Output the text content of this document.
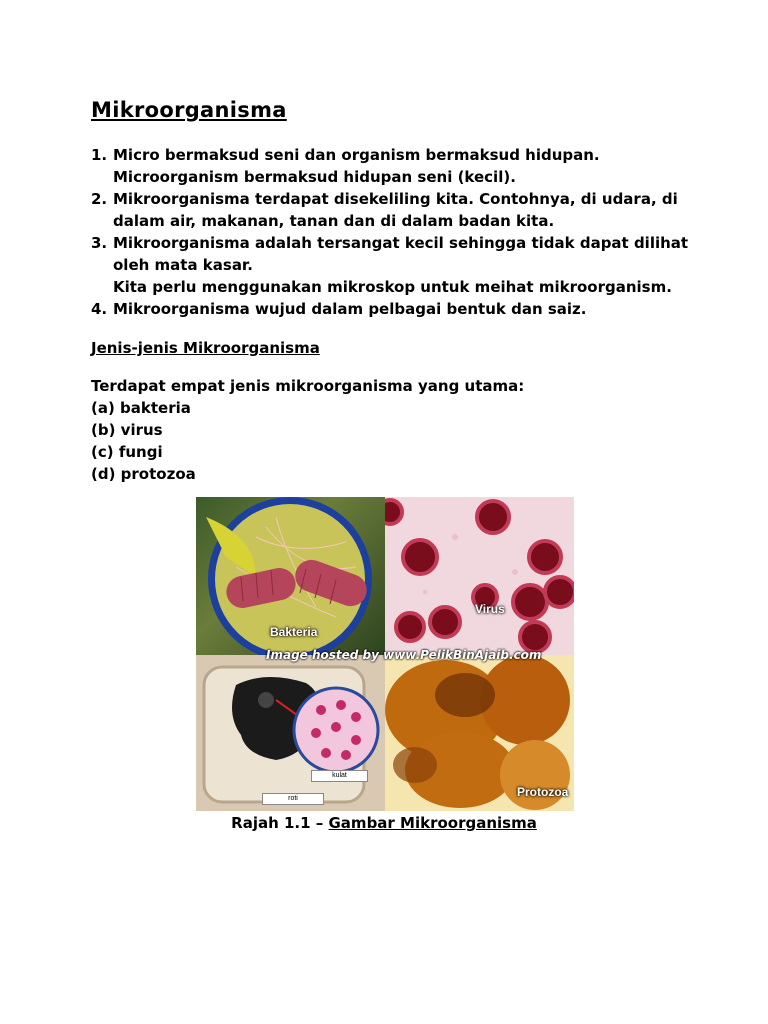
Mikroorganisma
1. Micro bermaksud seni dan organism bermaksud hidupan.
Microorganism bermaksud hidupan seni (kecil).
2. Mikroorganisma terdapat disekeliling kita. Contohnya, di udara, di
dalam air, makanan, tanan dan di dalam badan kita.
3. Mikroorganisma adalah tersangat kecil sehingga tidak dapat dilihat
oleh mata kasar.
Kita perlu menggunakan mikroskop untuk meihat mikroorganism.
4. Mikroorganisma wujud dalam pelbagai bentuk dan saiz.
Jenis-jenis Mikroorganisma
Terdapat empat jenis mikroorganisma yang utama:
(a) bakteria
(b) virus
(c) fungi
(d) protozoa
Bakteria
Virus
kulat
roti	Protozoa
Image hosted by www.PelikBinAjaib.com
Rajah 1.1 – Gambar Mikroorganisma
